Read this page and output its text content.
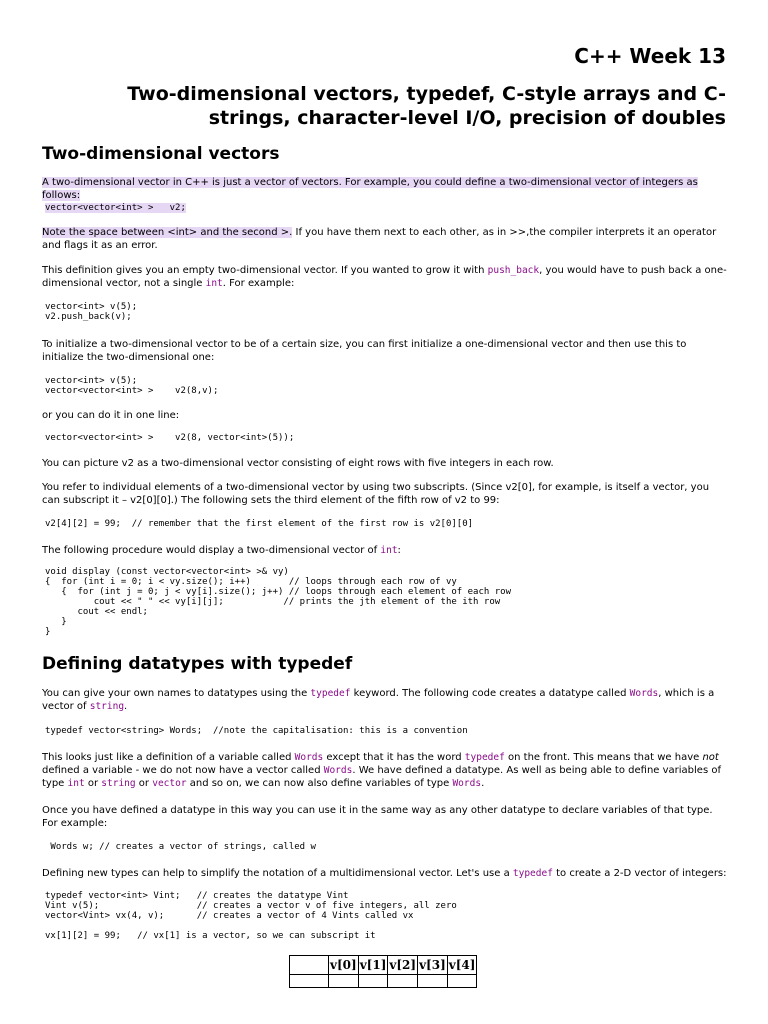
C++ Week 13
Two-dimensional vectors, typedef, C-style arrays and C-strings, character-level I/O, precision of doubles
Two-dimensional vectors

A two-dimensional vector in C++ is just a vector of vectors. For example, you could define a two-dimensional vector of integers as follows:

vector<vector<int> >   v2;

Note the space between <int> and the second >. If you have them next to each other, as in >>,the compiler interprets it an operator and flags it as an error.

This definition gives you an empty two-dimensional vector. If you wanted to grow it with push_back, you would have to push back a one-dimensional vector, not a single int. For example:

vector<int> v(5);
v2.push_back(v);

To initialize a two-dimensional vector to be of a certain size, you can first initialize a one-dimensional vector and then use this to initialize the two-dimensional one:

vector<int> v(5);
vector<vector<int> >    v2(8,v);

or you can do it in one line:

vector<vector<int> >    v2(8, vector<int>(5));

You can picture v2 as a two-dimensional vector consisting of eight rows with five integers in each row.

You refer to individual elements of a two-dimensional vector by using two subscripts. (Since v2[0], for example, is itself a vector, you can subscript it – v2[0][0].) The following sets the third element of the fifth row of v2 to 99:

v2[4][2] = 99;  // remember that the first element of the first row is v2[0][0]

The following procedure would display a two-dimensional vector of int:

void display (const vector<vector<int> >& vy)
{  for (int i = 0; i < vy.size(); i++)       // loops through each row of vy
{  for (int j = 0; j < vy[i].size(); j++) // loops through each element of each row
cout << " " << vy[i][j];           // prints the jth element of the ith row
cout << endl;
}
}
Defining datatypes with typedef

You can give your own names to datatypes using the typedef keyword. The following code creates a datatype called Words, which is a vector of string.

typedef vector<string> Words;  //note the capitalisation: this is a convention

This looks just like a definition of a variable called Words except that it has the word typedef on the front. This means that we have not defined a variable - we do not now have a vector called Words. We have defined a datatype. As well as being able to define variables of type int or string or vector and so on, we can now also define variables of type Words.

Once you have defined a datatype in this way you can use it in the same way as any other datatype to declare variables of that type. For example:

Words w; // creates a vector of strings, called w

Defining new types can help to simplify the notation of a multidimensional vector. Let's use a typedef to create a 2-D vector of integers:

typedef vector<int> Vint;   // creates the datatype Vint
Vint v(5);                  // creates a vector v of five integers, all zero
vector<Vint> vx(4, v);      // creates a vector of 4 Vints called vx
vx[1][2] = 99;   // vx[1] is a vector, so we can subscript it
	v[0]	v[1]	v[2]	v[3]	v[4]
